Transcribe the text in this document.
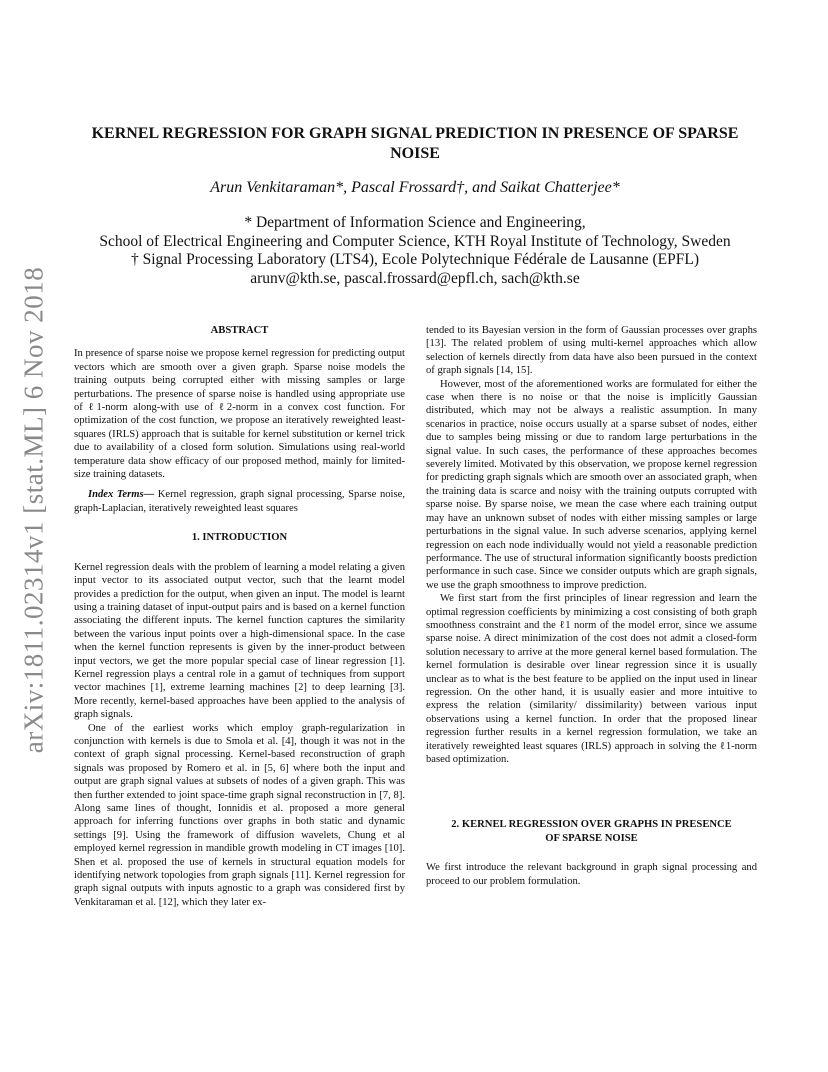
arXiv:1811.02314v1 [stat.ML] 6 Nov 2018
KERNEL REGRESSION FOR GRAPH SIGNAL PREDICTION IN PRESENCE OF SPARSE NOISE
Arun Venkitaraman*, Pascal Frossard†, and Saikat Chatterjee*
* Department of Information Science and Engineering,
School of Electrical Engineering and Computer Science, KTH Royal Institute of Technology, Sweden
† Signal Processing Laboratory (LTS4), Ecole Polytechnique Fédérale de Lausanne (EPFL)
arunv@kth.se, pascal.frossard@epfl.ch, sach@kth.se

ABSTRACT

In presence of sparse noise we propose kernel regression for predicting output vectors which are smooth over a given graph. Sparse noise models the training outputs being corrupted either with missing samples or large perturbations. The presence of sparse noise is handled using appropriate use of ℓ1-norm along-with use of ℓ2-norm in a convex cost function. For optimization of the cost function, we propose an iteratively reweighted least-squares (IRLS) approach that is suitable for kernel substitution or kernel trick due to availability of a closed form solution. Simulations using real-world temperature data show efficacy of our proposed method, mainly for limited-size training datasets.

Index Terms— Kernel regression, graph signal processing, Sparse noise, graph-Laplacian, iteratively reweighted least squares

1. INTRODUCTION

Kernel regression deals with the problem of learning a model relating a given input vector to its associated output vector, such that the learnt model provides a prediction for the output, when given an input. The model is learnt using a training dataset of input-output pairs and is based on a kernel function associating the different inputs. The kernel function captures the similarity between the various input points over a high-dimensional space. In the case when the kernel function represents is given by the inner-product between input vectors, we get the more popular special case of linear regression [1]. Kernel regression plays a central role in a gamut of techniques from support vector machines [1], extreme learning machines [2] to deep learning [3]. More recently, kernel-based approaches have been applied to the analysis of graph signals.

One of the earliest works which employ graph-regularization in conjunction with kernels is due to Smola et al. [4], though it was not in the context of graph signal processing. Kernel-based reconstruction of graph signals was proposed by Romero et al. in [5, 6] where both the input and output are graph signal values at subsets of nodes of a given graph. This was then further extended to joint space-time graph signal reconstruction in [7, 8]. Along same lines of thought, Ionnidis et al. proposed a more general approach for inferring functions over graphs in both static and dynamic settings [9]. Using the framework of diffusion wavelets, Chung et al employed kernel regression in mandible growth modeling in CT images [10]. Shen et al. proposed the use of kernels in structural equation models for identifying network topologies from graph signals [11]. Kernel regression for graph signal outputs with inputs agnostic to a graph was considered first by Venkitaraman et al. [12], which they later ex-

tended to its Bayesian version in the form of Gaussian processes over graphs [13]. The related problem of using multi-kernel approaches which allow selection of kernels directly from data have also been pursued in the context of graph signals [14, 15].

However, most of the aforementioned works are formulated for either the case when there is no noise or that the noise is implicitly Gaussian distributed, which may not be always a realistic assumption. In many scenarios in practice, noise occurs usually at a sparse subset of nodes, either due to samples being missing or due to random large perturbations in the signal value. In such cases, the performance of these approaches becomes severely limited. Motivated by this observation, we propose kernel regression for predicting graph signals which are smooth over an associated graph, when the training data is scarce and noisy with the training outputs corrupted with sparse noise. By sparse noise, we mean the case where each training output may have an unknown subset of nodes with either missing samples or large perturbations in the signal value. In such adverse scenarios, applying kernel regression on each node individually would not yield a reasonable prediction performance. The use of structural information significantly boosts prediction performance in such case. Since we consider outputs which are graph signals, we use the graph smoothness to improve prediction.

We first start from the first principles of linear regression and learn the optimal regression coefficients by minimizing a cost consisting of both graph smoothness constraint and the ℓ1 norm of the model error, since we assume sparse noise. A direct minimization of the cost does not admit a closed-form solution necessary to arrive at the more general kernel based formulation. The kernel formulation is desirable over linear regression since it is usually unclear as to what is the best feature to be applied on the input used in linear regression. On the other hand, it is usually easier and more intuitive to express the relation (similarity/ dissimilarity) between various input observations using a kernel function. In order that the proposed linear regression further results in a kernel regression formulation, we take an iteratively reweighted least squares (IRLS) approach in solving the ℓ1-norm based optimization.

2. KERNEL REGRESSION OVER GRAPHS IN PRESENCE
OF SPARSE NOISE

We first introduce the relevant background in graph signal processing and proceed to our problem formulation.
